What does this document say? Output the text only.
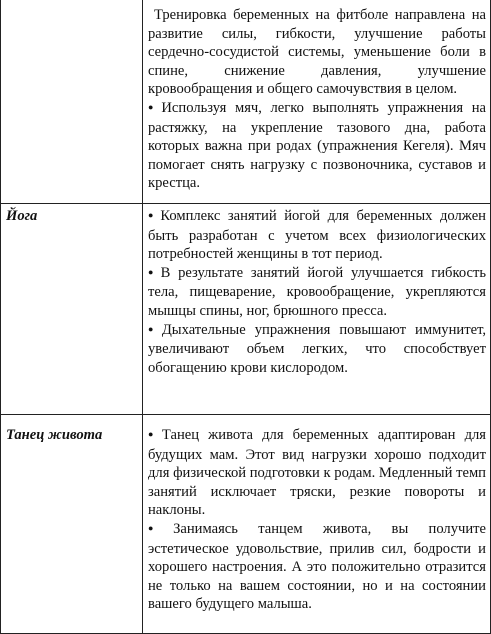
Тренировка беременных на фитболе направлена на развитие силы, гибкости, улучшение работы сердечно-сосудистой системы, уменьшение боли в спине, снижение давления, улучшение кровообращения и общего самочувствия в целом.

● Используя мяч, легко выполнять упражнения на растяжку, на укрепление тазового дна, работа которых важна при родах (упражнения Кегеля). Мяч помогает снять нагрузку с позвоночника, суставов и крестца.

Йога	● Комплекс занятий йогой для беременных должен быть разработан с учетом всех физиологических потребностей женщины в тот период.

● В результате занятий йогой улучшается гибкость тела, пищеварение, кровообращение, укрепляются мышцы спины, ног, брюшного пресса.

● Дыхательные упражнения повышают иммунитет, увеличивают объем легких, что способствует обогащению крови кислородом.

Танец живота	● Танец живота для беременных адаптирован для будущих мам. Этот вид нагрузки хорошо подходит для физической подготовки к родам. Медленный темп занятий исключает тряски, резкие повороты и наклоны.

● Занимаясь танцем живота, вы получите эстетическое удовольствие, прилив сил, бодрости и хорошего настроения. А это положительно отразится не только на вашем состоянии, но и на состоянии вашего будущего малыша.
